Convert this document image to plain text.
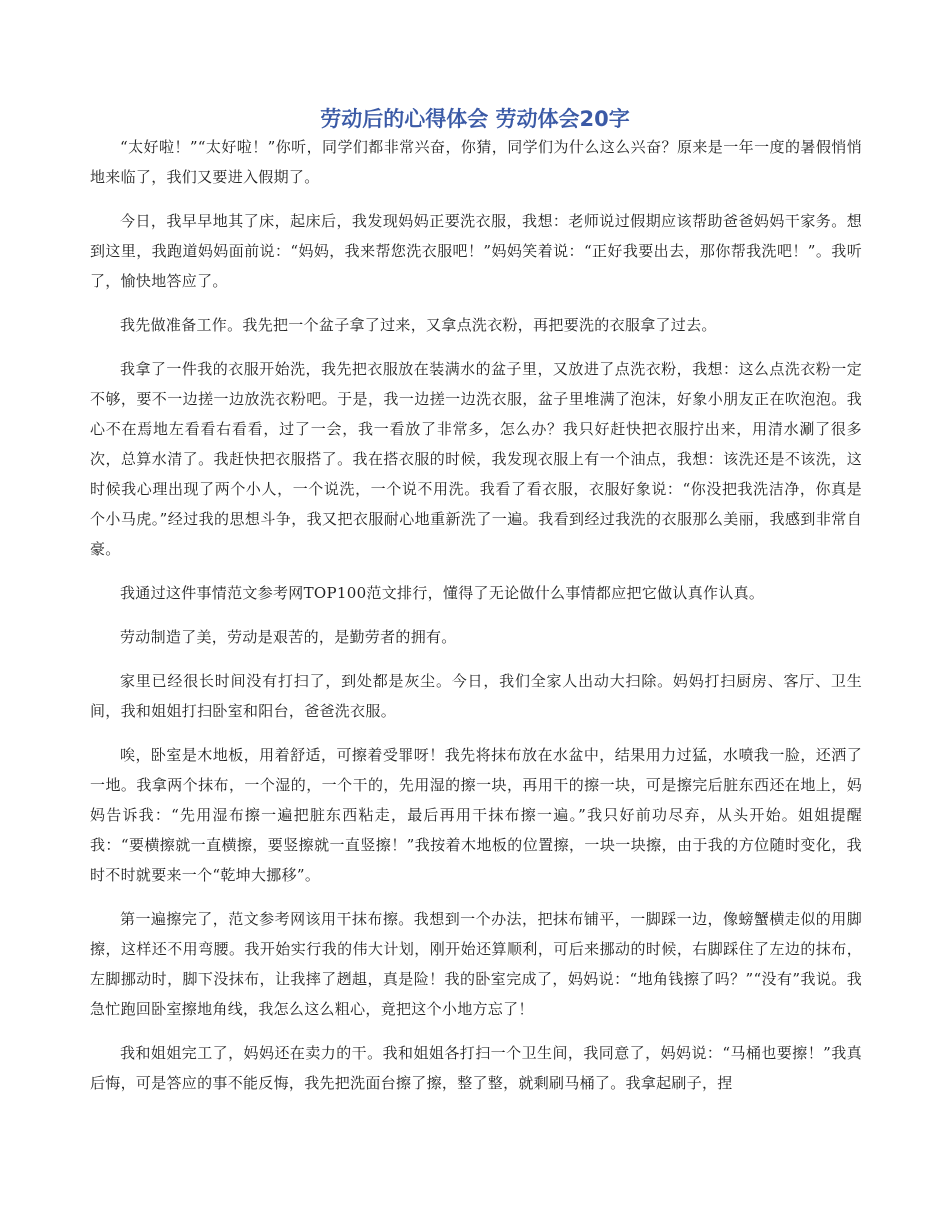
劳动后的心得体会 劳动体会20字

“太好啦！”“太好啦！”你听，同学们都非常兴奋，你猜，同学们为什么这么兴奋？原来是一年一度的暑假悄悄地来临了，我们又要进入假期了。

今日，我早早地其了床，起床后，我发现妈妈正要洗衣服，我想：老师说过假期应该帮助爸爸妈妈干家务。想到这里，我跑道妈妈面前说：“妈妈，我来帮您洗衣服吧！”妈妈笑着说：“正好我要出去，那你帮我洗吧！”。我听了，愉快地答应了。

我先做准备工作。我先把一个盆子拿了过来，又拿点洗衣粉，再把要洗的衣服拿了过去。

我拿了一件我的衣服开始洗，我先把衣服放在装满水的盆子里，又放进了点洗衣粉，我想：这么点洗衣粉一定不够，要不一边搓一边放洗衣粉吧。于是，我一边搓一边洗衣服，盆子里堆满了泡沫，好象小朋友正在吹泡泡。我心不在焉地左看看右看看，过了一会，我一看放了非常多，怎么办？我只好赶快把衣服拧出来，用清水涮了很多次，总算水清了。我赶快把衣服搭了。我在搭衣服的时候，我发现衣服上有一个油点，我想：该洗还是不该洗，这时候我心理出现了两个小人，一个说洗，一个说不用洗。我看了看衣服，衣服好象说：“你没把我洗洁净，你真是个小马虎。”经过我的思想斗争，我又把衣服耐心地重新洗了一遍。我看到经过我洗的衣服那么美丽，我感到非常自豪。

我通过这件事情范文参考网TOP100范文排行，懂得了无论做什么事情都应把它做认真作认真。

劳动制造了美，劳动是艰苦的，是勤劳者的拥有。

家里已经很长时间没有打扫了，到处都是灰尘。今日，我们全家人出动大扫除。妈妈打扫厨房、客厅、卫生间，我和姐姐打扫卧室和阳台，爸爸洗衣服。

唉，卧室是木地板，用着舒适，可擦着受罪呀！我先将抹布放在水盆中，结果用力过猛，水喷我一脸，还洒了一地。我拿两个抹布，一个湿的，一个干的，先用湿的擦一块，再用干的擦一块，可是擦完后脏东西还在地上，妈妈告诉我：“先用湿布擦一遍把脏东西粘走，最后再用干抹布擦一遍。”我只好前功尽弃，从头开始。姐姐提醒我：“要横擦就一直横擦，要竖擦就一直竖擦！”我按着木地板的位置擦，一块一块擦，由于我的方位随时变化，我时不时就要来一个“乾坤大挪移”。

第一遍擦完了，范文参考网该用干抹布擦。我想到一个办法，把抹布铺平，一脚踩一边，像螃蟹横走似的用脚擦，这样还不用弯腰。我开始实行我的伟大计划，刚开始还算顺利，可后来挪动的时候，右脚踩住了左边的抹布，左脚挪动时，脚下没抹布，让我摔了趔趄，真是险！我的卧室完成了，妈妈说：“地角钱擦了吗？”“没有”我说。我急忙跑回卧室擦地角线，我怎么这么粗心，竟把这个小地方忘了！

我和姐姐完工了，妈妈还在卖力的干。我和姐姐各打扫一个卫生间，我同意了，妈妈说：“马桶也要擦！”我真后悔，可是答应的事不能反悔，我先把洗面台擦了擦，整了整，就剩刷马桶了。我拿起刷子，捏
